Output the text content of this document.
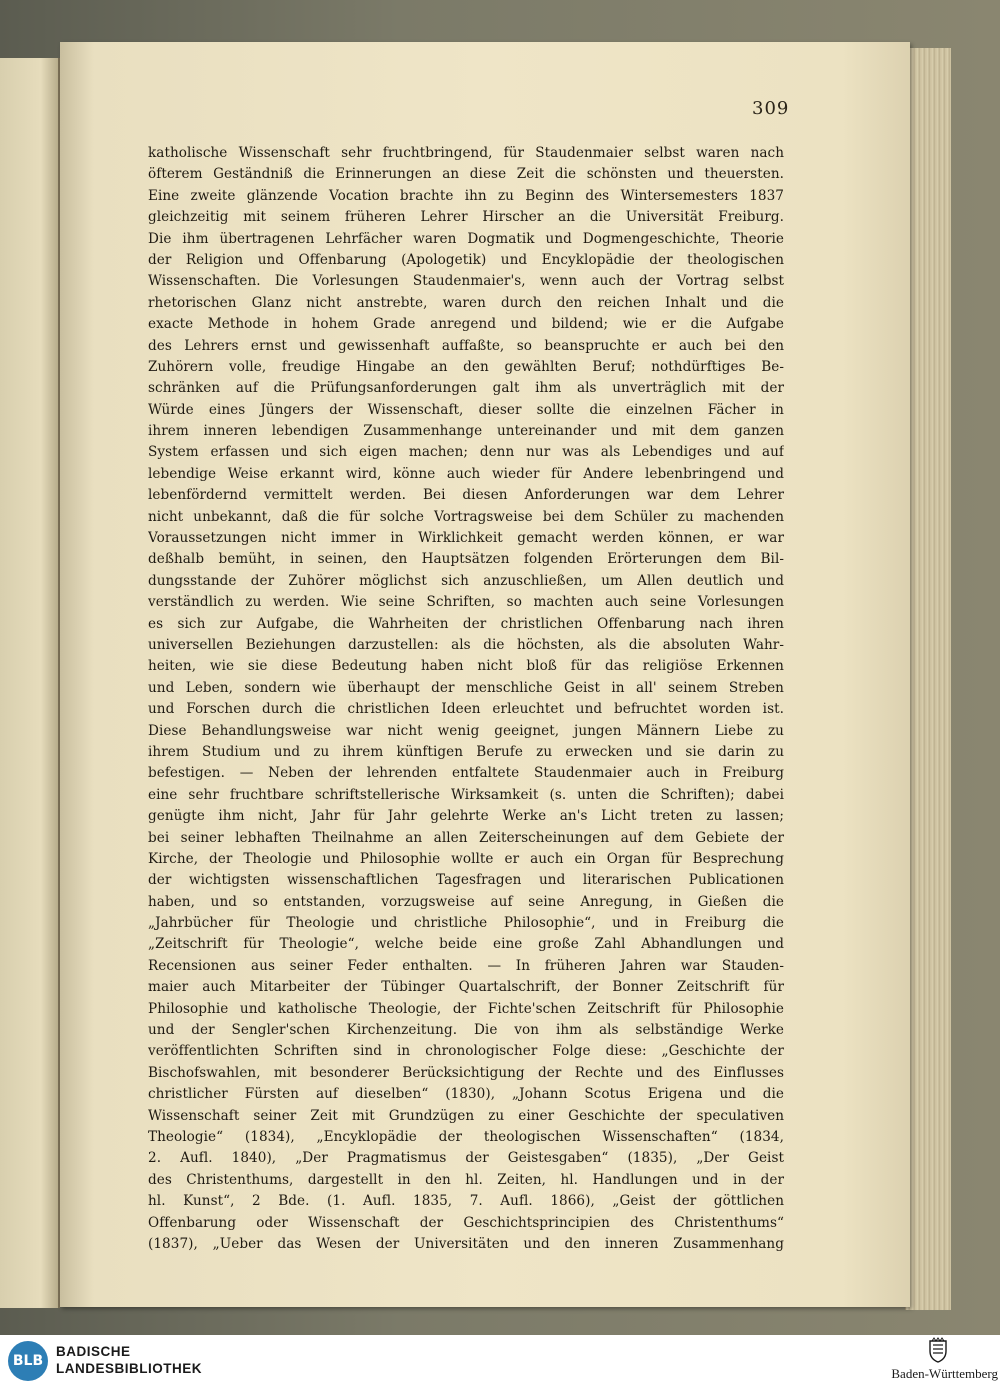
309
katholische Wissenschaft sehr fruchtbringend, für Staudenmaier selbst waren nach
öfterem Geständniß die Erinnerungen an diese Zeit die schönsten und theuersten.
Eine zweite glänzende Vocation brachte ihn zu Beginn des Wintersemesters 1837
gleichzeitig mit seinem früheren Lehrer Hirscher an die Universität Freiburg.
Die ihm übertragenen Lehrfächer waren Dogmatik und Dogmengeschichte, Theorie
der Religion und Offenbarung (Apologetik) und Encyklopädie der theologischen
Wissenschaften. Die Vorlesungen Staudenmaier's, wenn auch der Vortrag selbst
rhetorischen Glanz nicht anstrebte, waren durch den reichen Inhalt und die
exacte Methode in hohem Grade anregend und bildend; wie er die Aufgabe
des Lehrers ernst und gewissenhaft auffaßte, so beanspruchte er auch bei den
Zuhörern volle, freudige Hingabe an den gewählten Beruf; nothdürftiges Be-
schränken auf die Prüfungsanforderungen galt ihm als unverträglich mit der
Würde eines Jüngers der Wissenschaft, dieser sollte die einzelnen Fächer in
ihrem inneren lebendigen Zusammenhange untereinander und mit dem ganzen
System erfassen und sich eigen machen; denn nur was als Lebendiges und auf
lebendige Weise erkannt wird, könne auch wieder für Andere lebenbringend und
lebenfördernd vermittelt werden. Bei diesen Anforderungen war dem Lehrer
nicht unbekannt, daß die für solche Vortragsweise bei dem Schüler zu machenden
Voraussetzungen nicht immer in Wirklichkeit gemacht werden können, er war
deßhalb bemüht, in seinen, den Hauptsätzen folgenden Erörterungen dem Bil-
dungsstande der Zuhörer möglichst sich anzuschließen, um Allen deutlich und
verständlich zu werden. Wie seine Schriften, so machten auch seine Vorlesungen
es sich zur Aufgabe, die Wahrheiten der christlichen Offenbarung nach ihren
universellen Beziehungen darzustellen: als die höchsten, als die absoluten Wahr-
heiten, wie sie diese Bedeutung haben nicht bloß für das religiöse Erkennen
und Leben, sondern wie überhaupt der menschliche Geist in all' seinem Streben
und Forschen durch die christlichen Ideen erleuchtet und befruchtet worden ist.
Diese Behandlungsweise war nicht wenig geeignet, jungen Männern Liebe zu
ihrem Studium und zu ihrem künftigen Berufe zu erwecken und sie darin zu
befestigen. — Neben der lehrenden entfaltete Staudenmaier auch in Freiburg
eine sehr fruchtbare schriftstellerische Wirksamkeit (s. unten die Schriften); dabei
genügte ihm nicht, Jahr für Jahr gelehrte Werke an's Licht treten zu lassen;
bei seiner lebhaften Theilnahme an allen Zeiterscheinungen auf dem Gebiete der
Kirche, der Theologie und Philosophie wollte er auch ein Organ für Besprechung
der wichtigsten wissenschaftlichen Tagesfragen und literarischen Publicationen
haben, und so entstanden, vorzugsweise auf seine Anregung, in Gießen die
„Jahrbücher für Theologie und christliche Philosophie“, und in Freiburg die
„Zeitschrift für Theologie“, welche beide eine große Zahl Abhandlungen und
Recensionen aus seiner Feder enthalten. — In früheren Jahren war Stauden-
maier auch Mitarbeiter der Tübinger Quartalschrift, der Bonner Zeitschrift für
Philosophie und katholische Theologie, der Fichte'schen Zeitschrift für Philosophie
und der Sengler'schen Kirchenzeitung. Die von ihm als selbständige Werke
veröffentlichten Schriften sind in chronologischer Folge diese: „Geschichte der
Bischofswahlen, mit besonderer Berücksichtigung der Rechte und des Einflusses
christlicher Fürsten auf dieselben“ (1830), „Johann Scotus Erigena und die
Wissenschaft seiner Zeit mit Grundzügen zu einer Geschichte der speculativen
Theologie“ (1834), „Encyklopädie der theologischen Wissenschaften“ (1834,
2. Aufl. 1840), „Der Pragmatismus der Geistesgaben“ (1835), „Der Geist
des Christenthums, dargestellt in den hl. Zeiten, hl. Handlungen und in der
hl. Kunst“, 2 Bde. (1. Aufl. 1835, 7. Aufl. 1866), „Geist der göttlichen
Offenbarung oder Wissenschaft der Geschichtsprincipien des Christenthums“
(1837), „Ueber das Wesen der Universitäten und den inneren Zusammenhang
BLB
BADISCHE
LANDESBIBLIOTHEK	Baden-Württemberg
